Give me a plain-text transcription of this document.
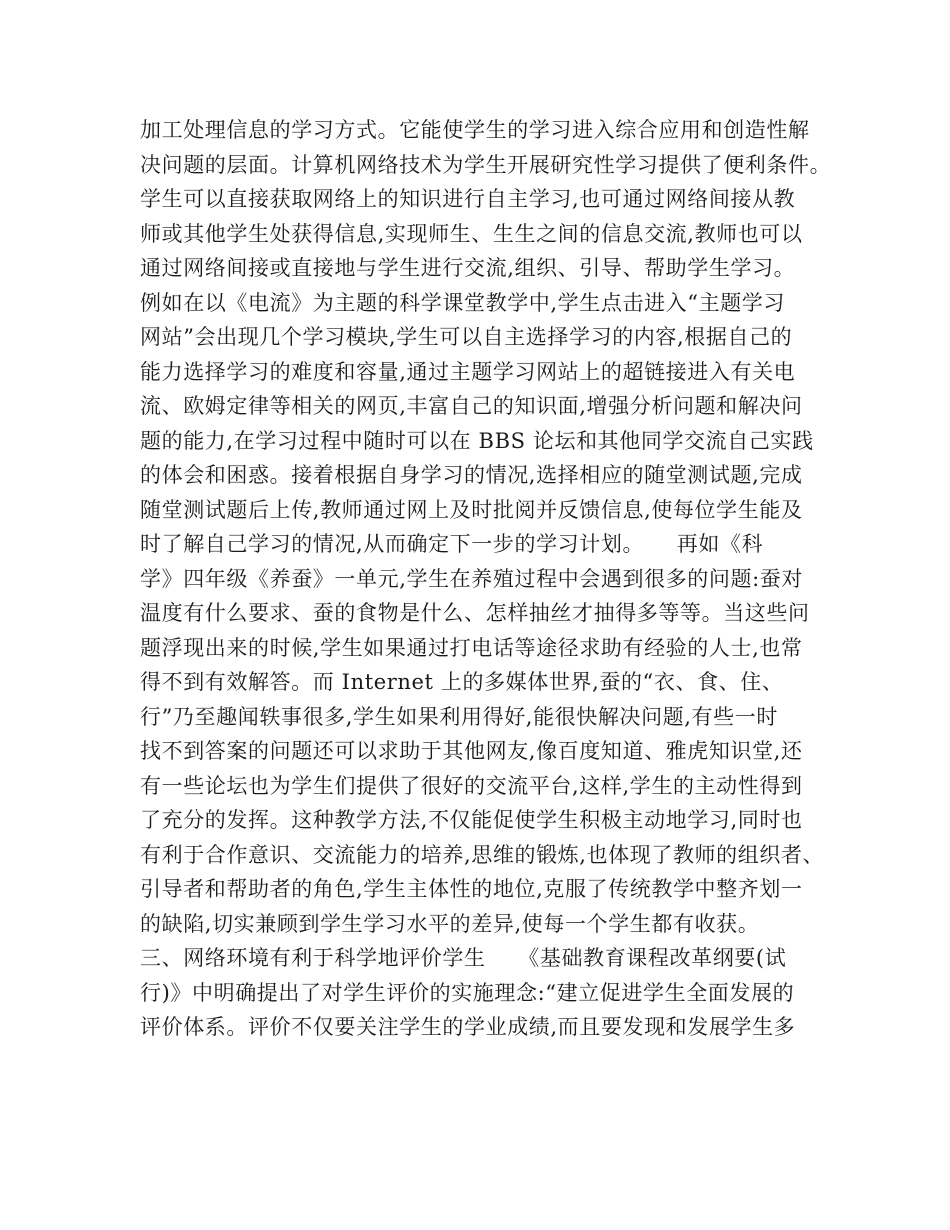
加工处理信息的学习方式。它能使学生的学习进入综合应用和创造性解
决问题的层面。计算机网络技术为学生开展研究性学习提供了便利条件。
学生可以直接获取网络上的知识进行自主学习,也可通过网络间接从教
师或其他学生处获得信息,实现师生、生生之间的信息交流,教师也可以
通过网络间接或直接地与学生进行交流,组织、引导、帮助学生学习。
例如在以《电流》为主题的科学课堂教学中,学生点击进入“主题学习
网站”会出现几个学习模块,学生可以自主选择学习的内容,根据自己的
能力选择学习的难度和容量,通过主题学习网站上的超链接进入有关电
流、欧姆定律等相关的网页,丰富自己的知识面,增强分析问题和解决问
题的能力,在学习过程中随时可以在 BBS 论坛和其他同学交流自己实践
的体会和困惑。接着根据自身学习的情况,选择相应的随堂测试题,完成
随堂测试题后上传,教师通过网上及时批阅并反馈信息,使每位学生能及
时了解自己学习的情况,从而确定下一步的学习计划。　　再如《科
学》四年级《养蚕》一单元,学生在养殖过程中会遇到很多的问题:蚕对
温度有什么要求、蚕的食物是什么、怎样抽丝才抽得多等等。当这些问
题浮现出来的时候,学生如果通过打电话等途径求助有经验的人士,也常
得不到有效解答。而 Internet 上的多媒体世界,蚕的“衣、食、住、
行”乃至趣闻轶事很多,学生如果利用得好,能很快解决问题,有些一时
找不到答案的问题还可以求助于其他网友,像百度知道、雅虎知识堂,还
有一些论坛也为学生们提供了很好的交流平台,这样,学生的主动性得到
了充分的发挥。这种教学方法,不仅能促使学生积极主动地学习,同时也
有利于合作意识、交流能力的培养,思维的锻炼,也体现了教师的组织者、
引导者和帮助者的角色,学生主体性的地位,克服了传统教学中整齐划一
的缺陷,切实兼顾到学生学习水平的差异,使每一个学生都有收获。
三、网络环境有利于科学地评价学生　　《基础教育课程改革纲要(试
行)》中明确提出了对学生评价的实施理念:“建立促进学生全面发展的
评价体系。评价不仅要关注学生的学业成绩,而且要发现和发展学生多
